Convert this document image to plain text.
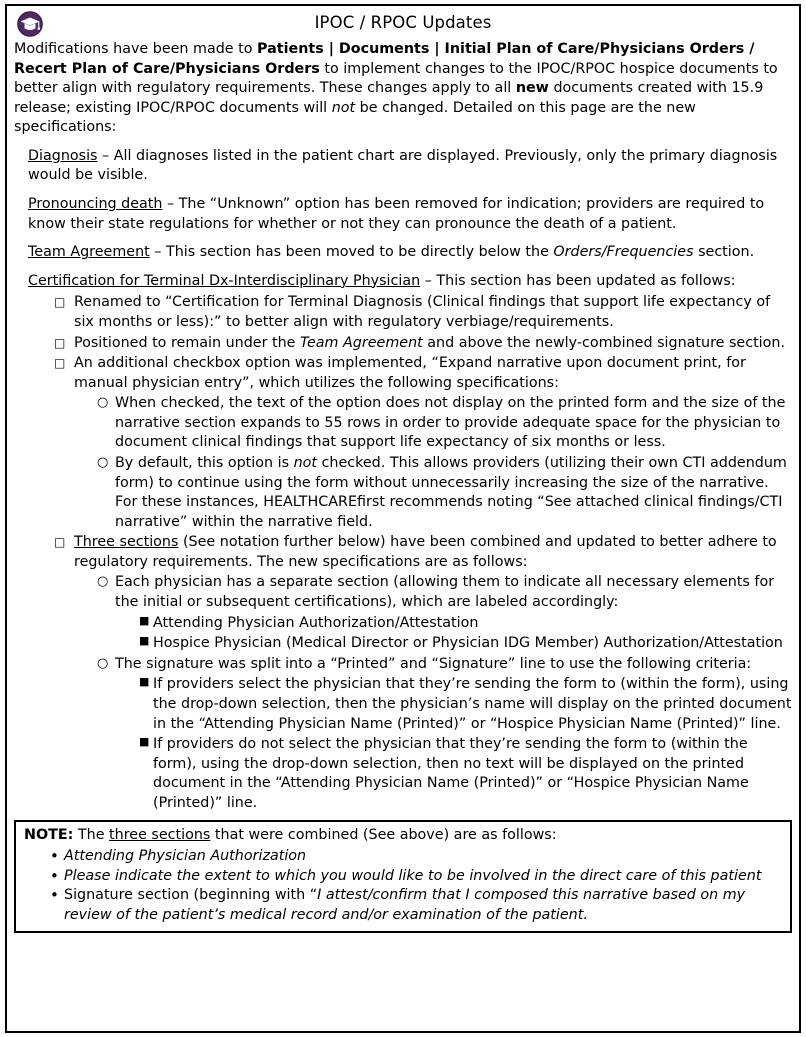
IPOC / RPOC Updates

Modifications have been made to Patients | Documents | Initial Plan of Care/Physicians Orders / Recert Plan of Care/Physicians Orders to implement changes to the IPOC/RPOC hospice documents to better align with regulatory requirements. These changes apply to all new documents created with 15.9 release; existing IPOC/RPOC documents will not be changed. Detailed on this page are the new specifications:

Diagnosis – All diagnoses listed in the patient chart are displayed. Previously, only the primary diagnosis would be visible.

Pronouncing death – The “Unknown” option has been removed for indication; providers are required to know their state regulations for whether or not they can pronounce the death of a patient.

Team Agreement – This section has been moved to be directly below the Orders/Frequencies section.

Certification for Terminal Dx-Interdisciplinary Physician – This section has been updated as follows:
□ Renamed to “Certification for Terminal Diagnosis (Clinical findings that support life expectancy of six months or less):” to better align with regulatory verbiage/requirements.
□ Positioned to remain under the Team Agreement and above the newly-combined signature section.
□ An additional checkbox option was implemented, “Expand narrative upon document print, for manual physician entry”, which utilizes the following specifications:
○ When checked, the text of the option does not display on the printed form and the size of the narrative section expands to 55 rows in order to provide adequate space for the physician to document clinical findings that support life expectancy of six months or less.
○ By default, this option is not checked. This allows providers (utilizing their own CTI addendum form) to continue using the form without unnecessarily increasing the size of the narrative. For these instances, HEALTHCAREfirst recommends noting “See attached clinical findings/CTI narrative” within the narrative field.
□ Three sections (See notation further below) have been combined and updated to better adhere to regulatory requirements. The new specifications are as follows:
○ Each physician has a separate section (allowing them to indicate all necessary elements for the initial or subsequent certifications), which are labeled accordingly:
■ Attending Physician Authorization/Attestation
■ Hospice Physician (Medical Director or Physician IDG Member) Authorization/Attestation
○ The signature was split into a “Printed” and “Signature” line to use the following criteria:
■ If providers select the physician that they’re sending the form to (within the form), using the drop-down selection, then the physician’s name will display on the printed document in the “Attending Physician Name (Printed)” or “Hospice Physician Name (Printed)” line.
■ If providers do not select the physician that they’re sending the form to (within the form), using the drop-down selection, then no text will be displayed on the printed document in the “Attending Physician Name (Printed)” or “Hospice Physician Name (Printed)” line.

NOTE: The three sections that were combined (See above) are as follows:

• Attending Physician Authorization
• Please indicate the extent to which you would like to be involved in the direct care of this patient
• Signature section (beginning with “I attest/confirm that I composed this narrative based on my review of the patient’s medical record and/or examination of the patient.
